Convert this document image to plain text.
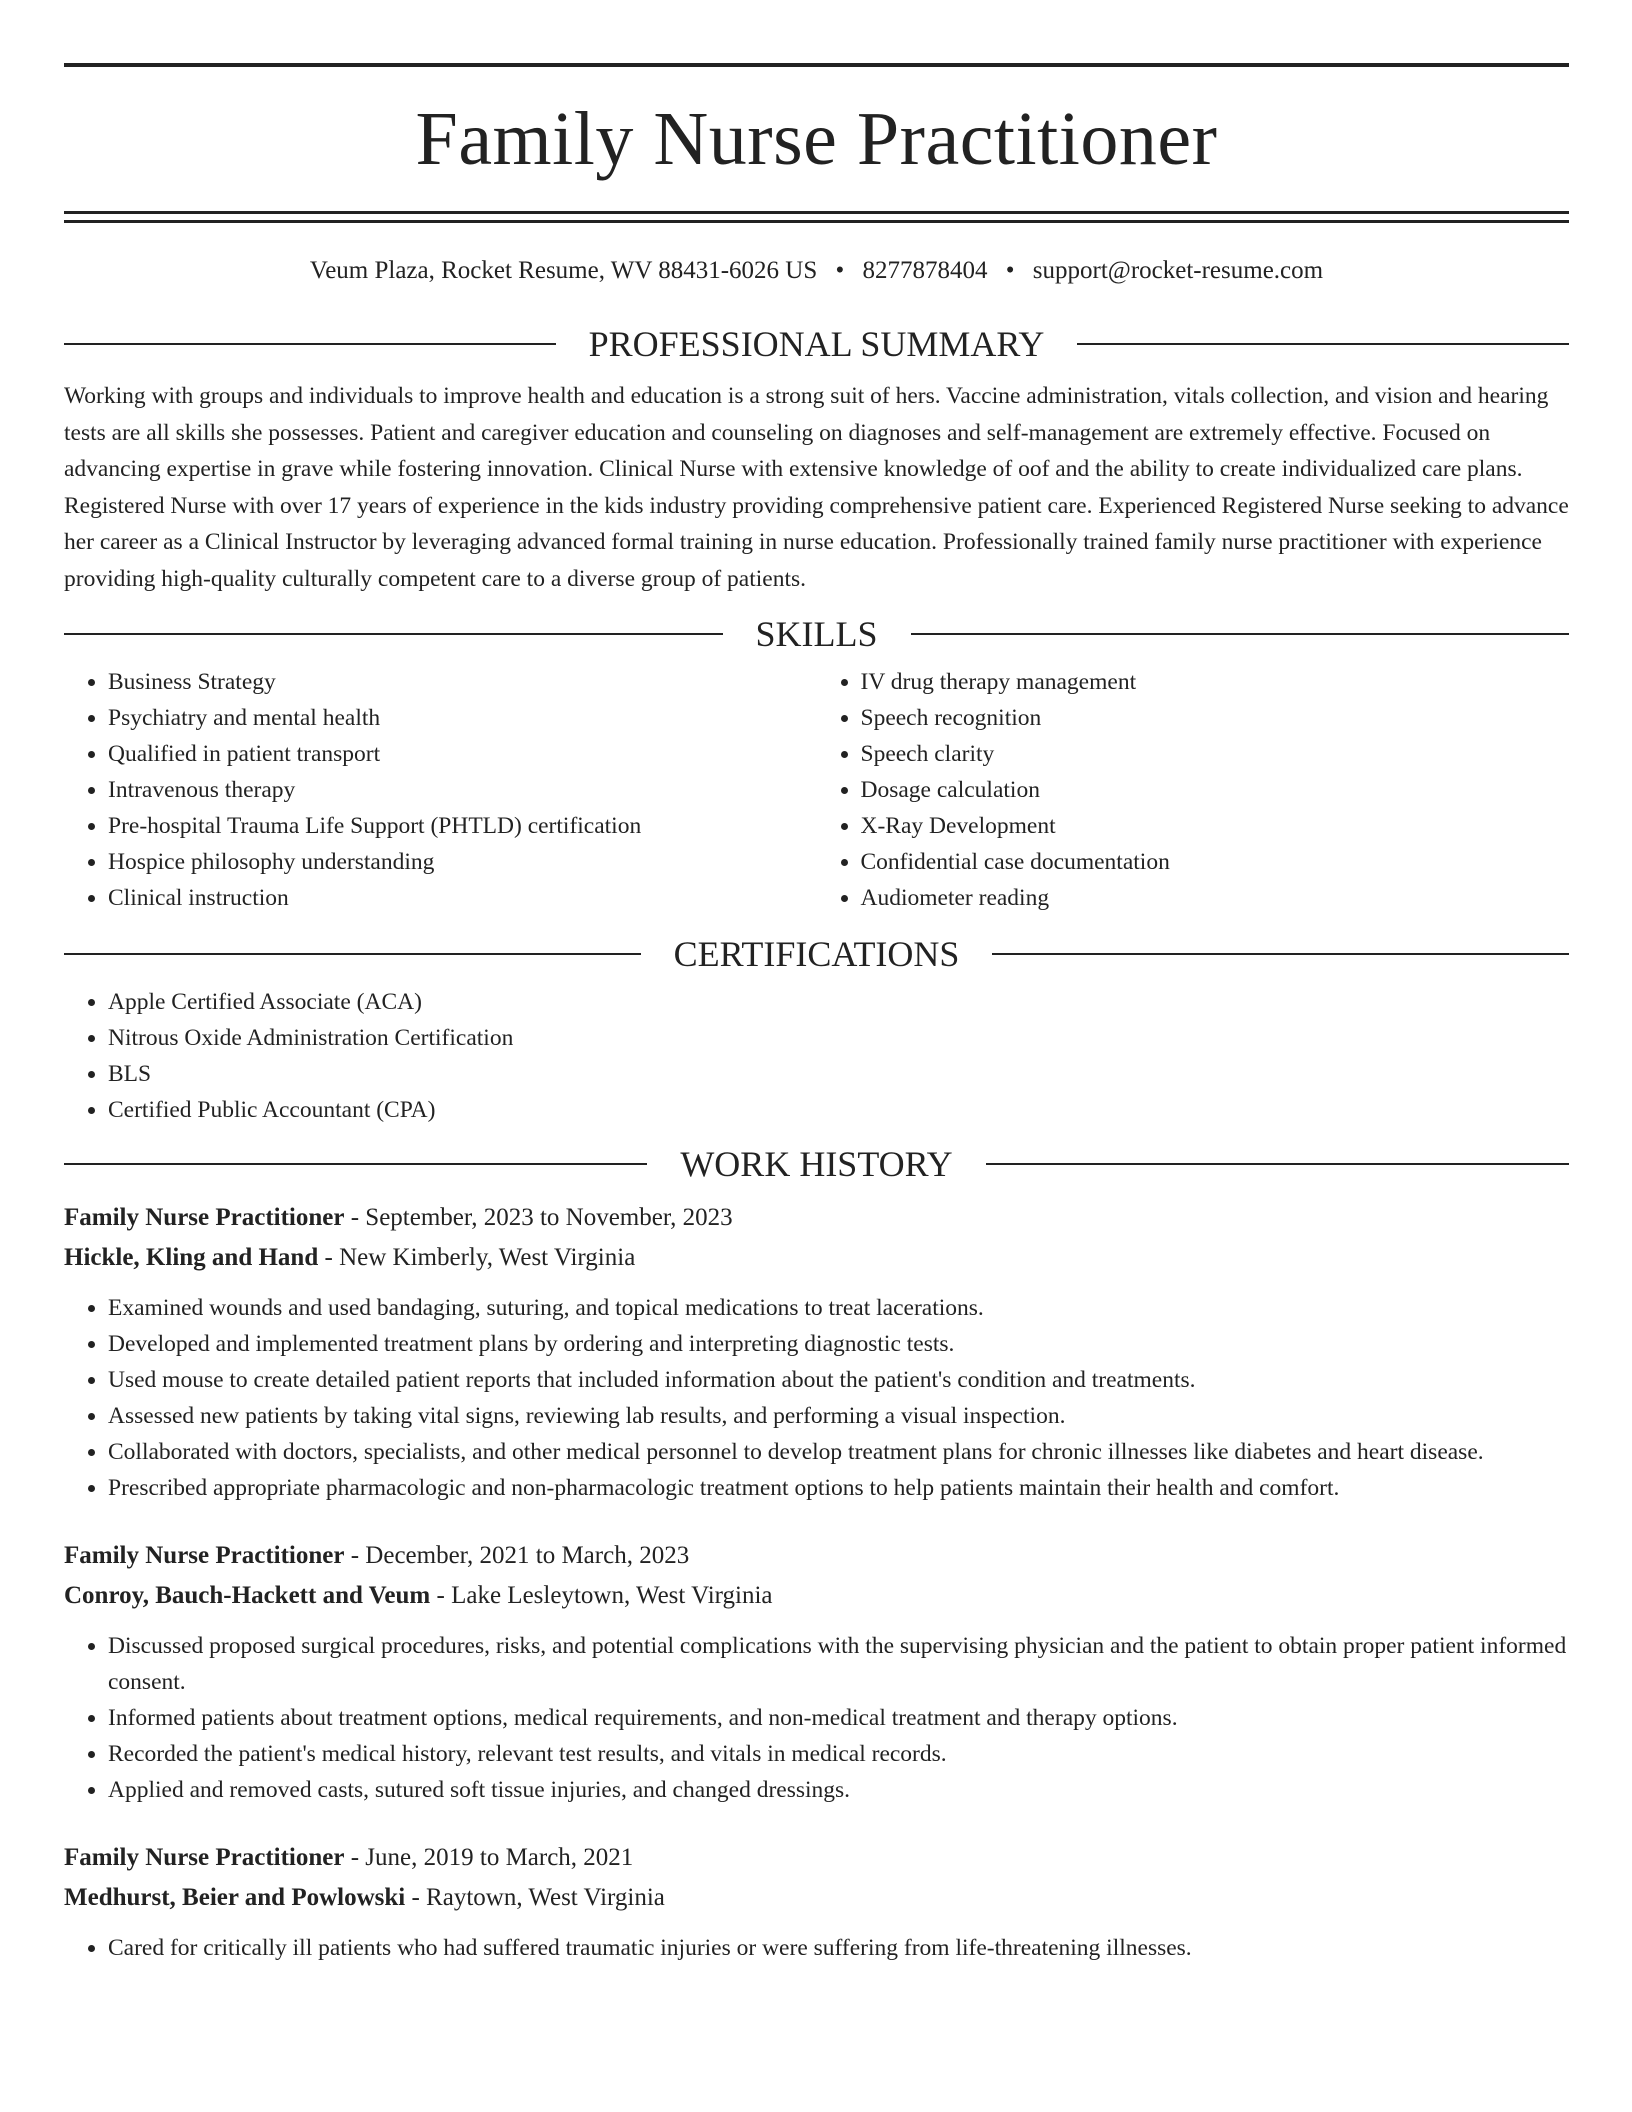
Family Nurse Practitioner
Veum Plaza, Rocket Resume, WV 88431-6026 US • 8277878404 • support@rocket-resume.com
PROFESSIONAL SUMMARY

Working with groups and individuals to improve health and education is a strong suit of hers. Vaccine administration, vitals collection, and vision and hearing tests are all skills she possesses. Patient and caregiver education and counseling on diagnoses and self-management are extremely effective. Focused on advancing expertise in grave while fostering innovation. Clinical Nurse with extensive knowledge of oof and the ability to create individualized care plans. Registered Nurse with over 17 years of experience in the kids industry providing comprehensive patient care. Experienced Registered Nurse seeking to advance her career as a Clinical Instructor by leveraging advanced formal training in nurse education. Professionally trained family nurse practitioner with experience providing high-quality culturally competent care to a diverse group of patients.

SKILLS
• Business Strategy
• Psychiatry and mental health
• Qualified in patient transport
• Intravenous therapy
• Pre-hospital Trauma Life Support (PHTLD) certification
• Hospice philosophy understanding
• Clinical instruction
• IV drug therapy management
• Speech recognition
• Speech clarity
• Dosage calculation
• X-Ray Development
• Confidential case documentation
• Audiometer reading
CERTIFICATIONS
• Apple Certified Associate (ACA)
• Nitrous Oxide Administration Certification
• BLS
• Certified Public Accountant (CPA)
WORK HISTORY
Family Nurse Practitioner - September, 2023 to November, 2023
Hickle, Kling and Hand - New Kimberly, West Virginia
• Examined wounds and used bandaging, suturing, and topical medications to treat lacerations.
• Developed and implemented treatment plans by ordering and interpreting diagnostic tests.
• Used mouse to create detailed patient reports that included information about the patient's condition and treatments.
• Assessed new patients by taking vital signs, reviewing lab results, and performing a visual inspection.
• Collaborated with doctors, specialists, and other medical personnel to develop treatment plans for chronic illnesses like diabetes and heart disease.
• Prescribed appropriate pharmacologic and non-pharmacologic treatment options to help patients maintain their health and comfort.
Family Nurse Practitioner - December, 2021 to March, 2023
Conroy, Bauch-Hackett and Veum - Lake Lesleytown, West Virginia
• Discussed proposed surgical procedures, risks, and potential complications with the supervising physician and the patient to obtain proper patient informed consent.
• Informed patients about treatment options, medical requirements, and non-medical treatment and therapy options.
• Recorded the patient's medical history, relevant test results, and vitals in medical records.
• Applied and removed casts, sutured soft tissue injuries, and changed dressings.
Family Nurse Practitioner - June, 2019 to March, 2021
Medhurst, Beier and Powlowski - Raytown, West Virginia
• Cared for critically ill patients who had suffered traumatic injuries or were suffering from life-threatening illnesses.
